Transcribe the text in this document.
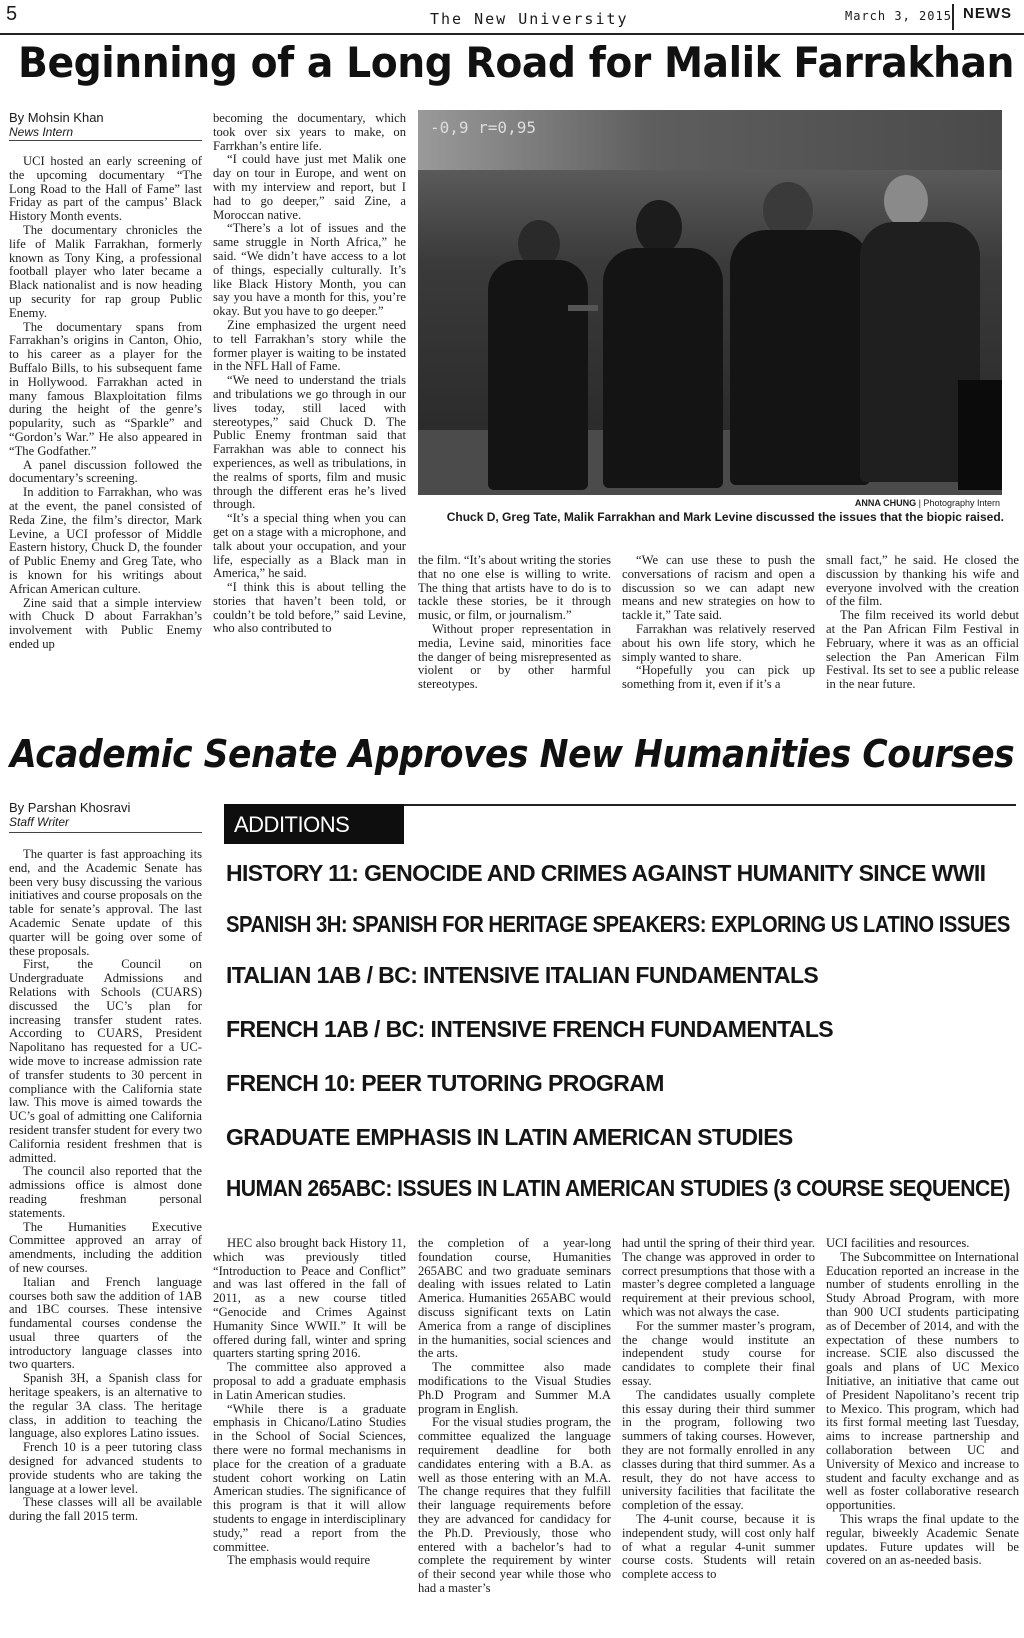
5	The New University	March 3, 2015 NEWS
Beginning of a Long Road for Malik Farrakhan
By Mohsin Khan
News Intern

UCI hosted an early screening of the upcoming documentary “The Long Road to the Hall of Fame” last Friday as part of the campus’ Black History Month events.

The documentary chronicles the life of Malik Farrakhan, formerly known as Tony King, a professional football player who later became a Black nationalist and is now heading up security for rap group Public Enemy.

The documentary spans from Farrakhan’s origins in Canton, Ohio, to his career as a player for the Buffalo Bills, to his subsequent fame in Hollywood. Farrakhan acted in many famous Blaxploitation films during the height of the genre’s popularity, such as “Sparkle” and “Gordon’s War.” He also appeared in “The Godfather.”

A panel discussion followed the documentary’s screening.

In addition to Farrakhan, who was at the event, the panel consisted of Reda Zine, the film’s director, Mark Levine, a UCI professor of Middle Eastern history, Chuck D, the founder of Public Enemy and Greg Tate, who is known for his writings about African American culture.

Zine said that a simple interview with Chuck D about Farrakhan’s involvement with Public Enemy ended up

becoming the documentary, which took over six years to make, on Farrkhan’s entire life.

“I could have just met Malik one day on tour in Europe, and went on with my interview and report, but I had to go deeper,” said Zine, a Moroccan native.

“There’s a lot of issues and the same struggle in North Africa,” he said. “We didn’t have access to a lot of things, especially culturally. It’s like Black History Month, you can say you have a month for this, you’re okay. But you have to go deeper.”

Zine emphasized the urgent need to tell Farrakhan’s story while the former player is waiting to be instated in the NFL Hall of Fame.

“We need to understand the trials and tribulations we go through in our lives today, still laced with stereotypes,” said Chuck D. The Public Enemy frontman said that Farrakhan was able to connect his experiences, as well as tribulations, in the realms of sports, film and music through the different eras he’s lived through.

“It’s a special thing when you can get on a stage with a microphone, and talk about your occupation, and your life, especially as a Black man in America,” he said.

“I think this is about telling the stories that haven’t been told, or couldn’t be told before,” said Levine, who also contributed to

-0,9 r=0,95
ANNA CHUNG | Photography Intern
Chuck D, Greg Tate, Malik Farrakhan and Mark Levine discussed the issues that the biopic raised.

the film. “It’s about writing the stories that no one else is willing to write. The thing that artists have to do is to tackle these stories, be it through music, or film, or journalism.”

Without proper representation in media, Levine said, minorities face the danger of being misrepresented as violent or by other harmful stereotypes.

“We can use these to push the conversations of racism and open a discussion so we can adapt new means and new strategies on how to tackle it,” Tate said.

Farrakhan was relatively reserved about his own life story, which he simply wanted to share.

“Hopefully you can pick up something from it, even if it’s a

small fact,” he said. He closed the discussion by thanking his wife and everyone involved with the creation of the film.

The film received its world debut at the Pan African Film Festival in February, where it was as an official selection the Pan American Film Festival. Its set to see a public release in the near future.

Academic Senate Approves New Humanities Courses
By Parshan Khosravi
Staff Writer	ADDITIONS
HISTORY 11: GENOCIDE AND CRIMES AGAINST HUMANITY SINCE WWII
SPANISH 3H: SPANISH FOR HERITAGE SPEAKERS: EXPLORING US LATINO ISSUES
ITALIAN 1AB / BC: INTENSIVE ITALIAN FUNDAMENTALS
FRENCH 1AB / BC: INTENSIVE FRENCH FUNDAMENTALS
FRENCH 10: PEER TUTORING PROGRAM
GRADUATE EMPHASIS IN LATIN AMERICAN STUDIES
HUMAN 265ABC: ISSUES IN LATIN AMERICAN STUDIES (3 COURSE SEQUENCE)

The quarter is fast approaching its end, and the Academic Senate has been very busy discussing the various initiatives and course proposals on the table for senate’s approval. The last Academic Senate update of this quarter will be going over some of these proposals.

First, the Council on Undergraduate Admissions and Relations with Schools (CUARS) discussed the UC’s plan for increasing transfer student rates. According to CUARS, President Napolitano has requested for a UC-wide move to increase admission rate of transfer students to 30 percent in compliance with the California state law. This move is aimed towards the UC’s goal of admitting one California resident transfer student for every two California resident freshmen that is admitted.

The council also reported that the admissions office is almost done reading freshman personal statements.

The Humanities Executive Committee approved an array of amendments, including the addition of new courses.

Italian and French language courses both saw the addition of 1AB and 1BC courses. These intensive fundamental courses condense the usual three quarters of the introductory language classes into two quarters.

Spanish 3H, a Spanish class for heritage speakers, is an alternative to the regular 3A class. The heritage class, in addition to teaching the language, also explores Latino issues.

French 10 is a peer tutoring class designed for advanced students to provide students who are taking the language at a lower level.

These classes will all be available during the fall 2015 term.

HEC also brought back History 11, which was previously titled “Introduction to Peace and Conflict” and was last offered in the fall of 2011, as a new course titled “Genocide and Crimes Against Humanity Since WWII.” It will be offered during fall, winter and spring quarters starting spring 2016.

The committee also approved a proposal to add a graduate emphasis in Latin American studies.

“While there is a graduate emphasis in Chicano/Latino Studies in the School of Social Sciences, there were no formal mechanisms in place for the creation of a graduate student cohort working on Latin American studies. The significance of this program is that it will allow students to engage in interdisciplinary study,” read a report from the committee.

The emphasis would require

the completion of a year-long foundation course, Humanities 265ABC and two graduate seminars dealing with issues related to Latin America. Humanities 265ABC would discuss significant texts on Latin America from a range of disciplines in the humanities, social sciences and the arts.

The committee also made modifications to the Visual Studies Ph.D Program and Summer M.A program in English.

For the visual studies program, the committee equalized the language requirement deadline for both candidates entering with a B.A. as well as those entering with an M.A. The change requires that they fulfill their language requirements before they are advanced for candidacy for the Ph.D. Previously, those who entered with a bachelor’s had to complete the requirement by winter of their second year while those who had a master’s

had until the spring of their third year. The change was approved in order to correct presumptions that those with a master’s degree completed a language requirement at their previous school, which was not always the case.

For the summer master’s program, the change would institute an independent study course for candidates to complete their final essay.

The candidates usually complete this essay during their third summer in the program, following two summers of taking courses. However, they are not formally enrolled in any classes during that third summer. As a result, they do not have access to university facilities that facilitate the completion of the essay.

The 4-unit course, because it is independent study, will cost only half of what a regular 4-unit summer course costs. Students will retain complete access to

UCI facilities and resources.

The Subcommittee on International Education reported an increase in the number of students enrolling in the Study Abroad Program, with more than 900 UCI students participating as of December of 2014, and with the expectation of these numbers to increase. SCIE also discussed the goals and plans of UC Mexico Initiative, an initiative that came out of President Napolitano’s recent trip to Mexico. This program, which had its first formal meeting last Tuesday, aims to increase partnership and collaboration between UC and University of Mexico and increase to student and faculty exchange and as well as foster collaborative research opportunities.

This wraps the final update to the regular, biweekly Academic Senate updates. Future updates will be covered on an as-needed basis.
